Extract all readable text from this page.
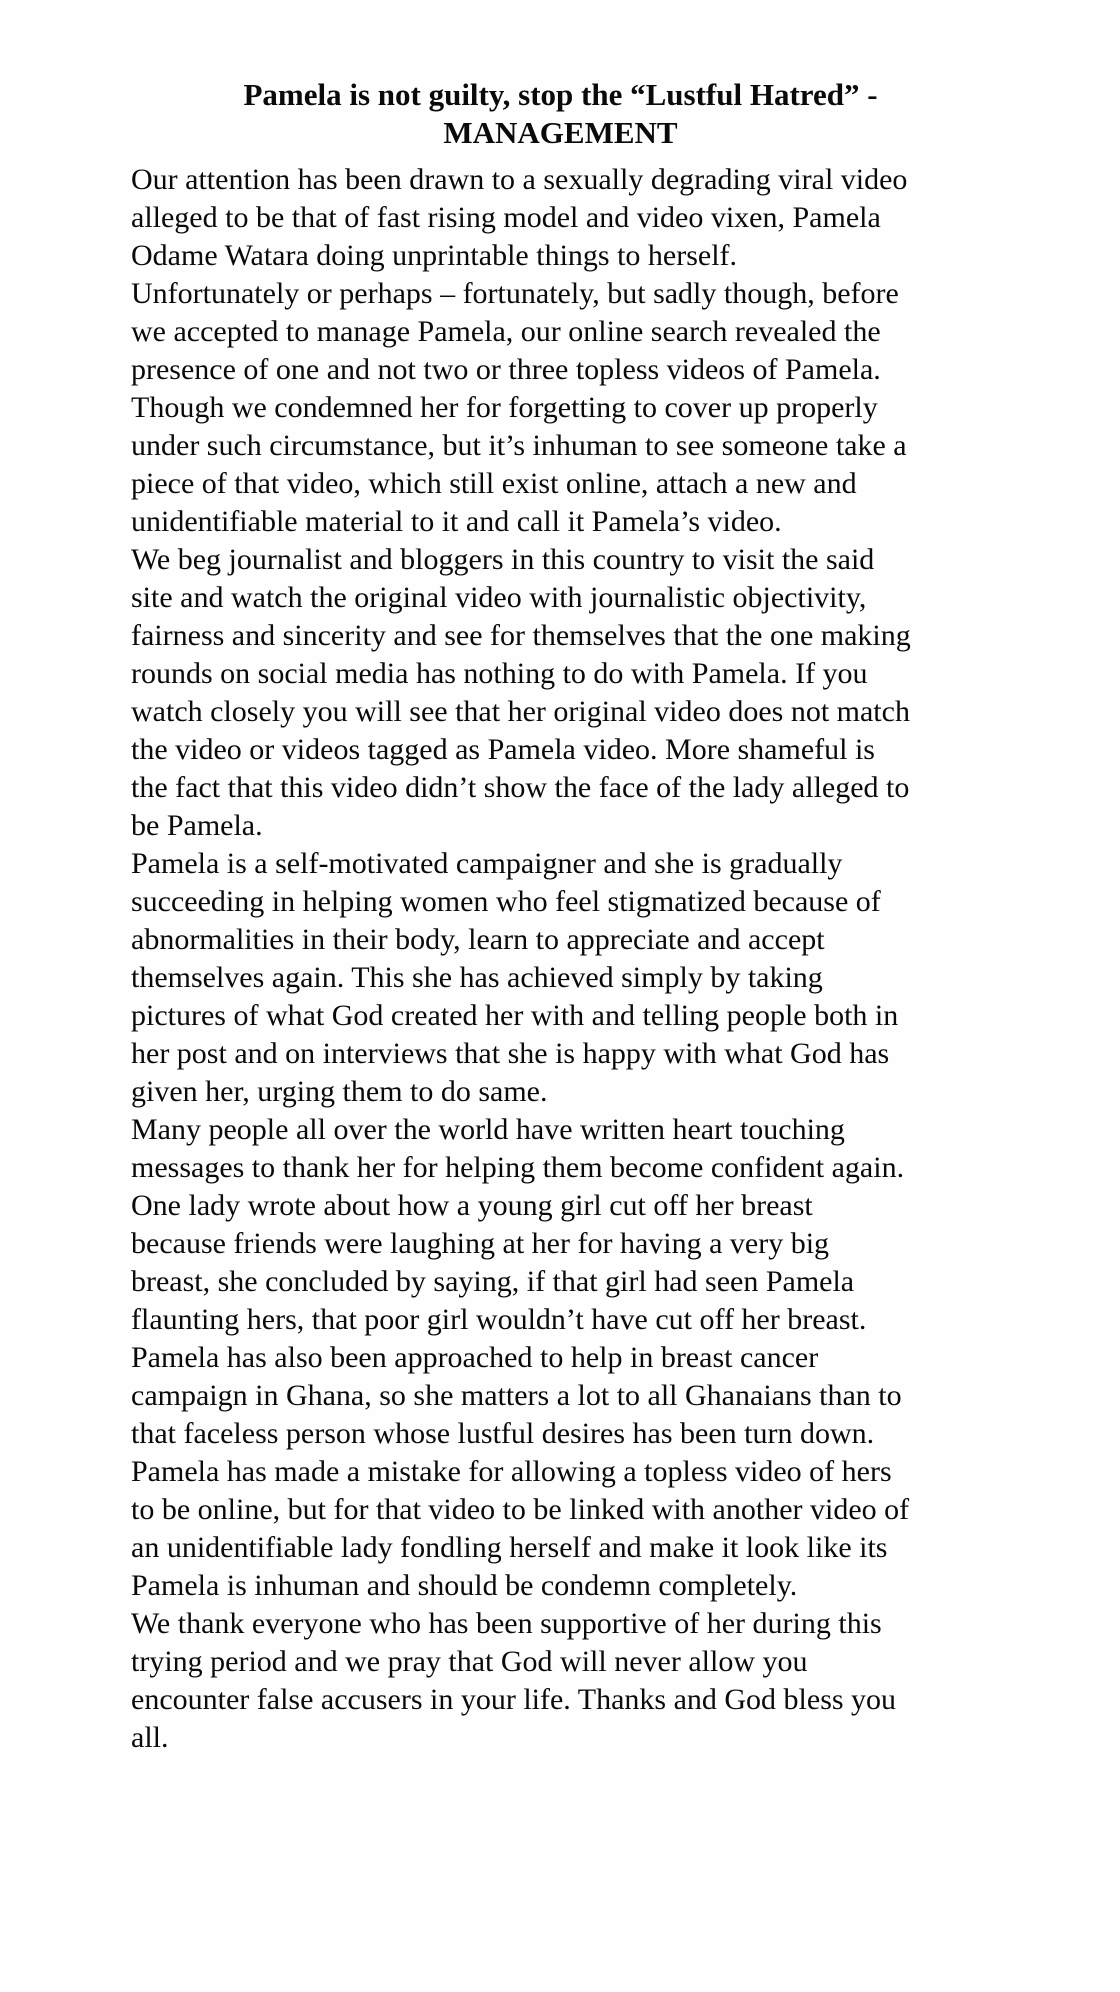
Pamela is not guilty, stop the “Lustful Hatred” -
MANAGEMENT

Our attention has been drawn to a sexually degrading viral video
alleged to be that of fast rising model and video vixen, Pamela
Odame Watara doing unprintable things to herself.

Unfortunately or perhaps – fortunately, but sadly though, before
we accepted to manage Pamela, our online search revealed the
presence of one and not two or three topless videos of Pamela.

Though we condemned her for forgetting to cover up properly
under such circumstance, but it’s inhuman to see someone take a
piece of that video, which still exist online, attach a new and
unidentifiable material to it and call it Pamela’s video.

We beg journalist and bloggers in this country to visit the said
site and watch the original video with journalistic objectivity,
fairness and sincerity and see for themselves that the one making
rounds on social media has nothing to do with Pamela. If you
watch closely you will see that her original video does not match
the video or videos tagged as Pamela video. More shameful is
the fact that this video didn’t show the face of the lady alleged to
be Pamela.

Pamela is a self-motivated campaigner and she is gradually
succeeding in helping women who feel stigmatized because of
abnormalities in their body, learn to appreciate and accept
themselves again. This she has achieved simply by taking
pictures of what God created her with and telling people both in
her post and on interviews that she is happy with what God has
given her, urging them to do same.

Many people all over the world have written heart touching
messages to thank her for helping them become confident again.

One lady wrote about how a young girl cut off her breast
because friends were laughing at her for having a very big
breast, she concluded by saying, if that girl had seen Pamela
flaunting hers, that poor girl wouldn’t have cut off her breast.

Pamela has also been approached to help in breast cancer
campaign in Ghana, so she matters a lot to all Ghanaians than to
that faceless person whose lustful desires has been turn down.

Pamela has made a mistake for allowing a topless video of hers
to be online, but for that video to be linked with another video of
an unidentifiable lady fondling herself and make it look like its
Pamela is inhuman and should be condemn completely.

We thank everyone who has been supportive of her during this
trying period and we pray that God will never allow you
encounter false accusers in your life. Thanks and God bless you
all.
